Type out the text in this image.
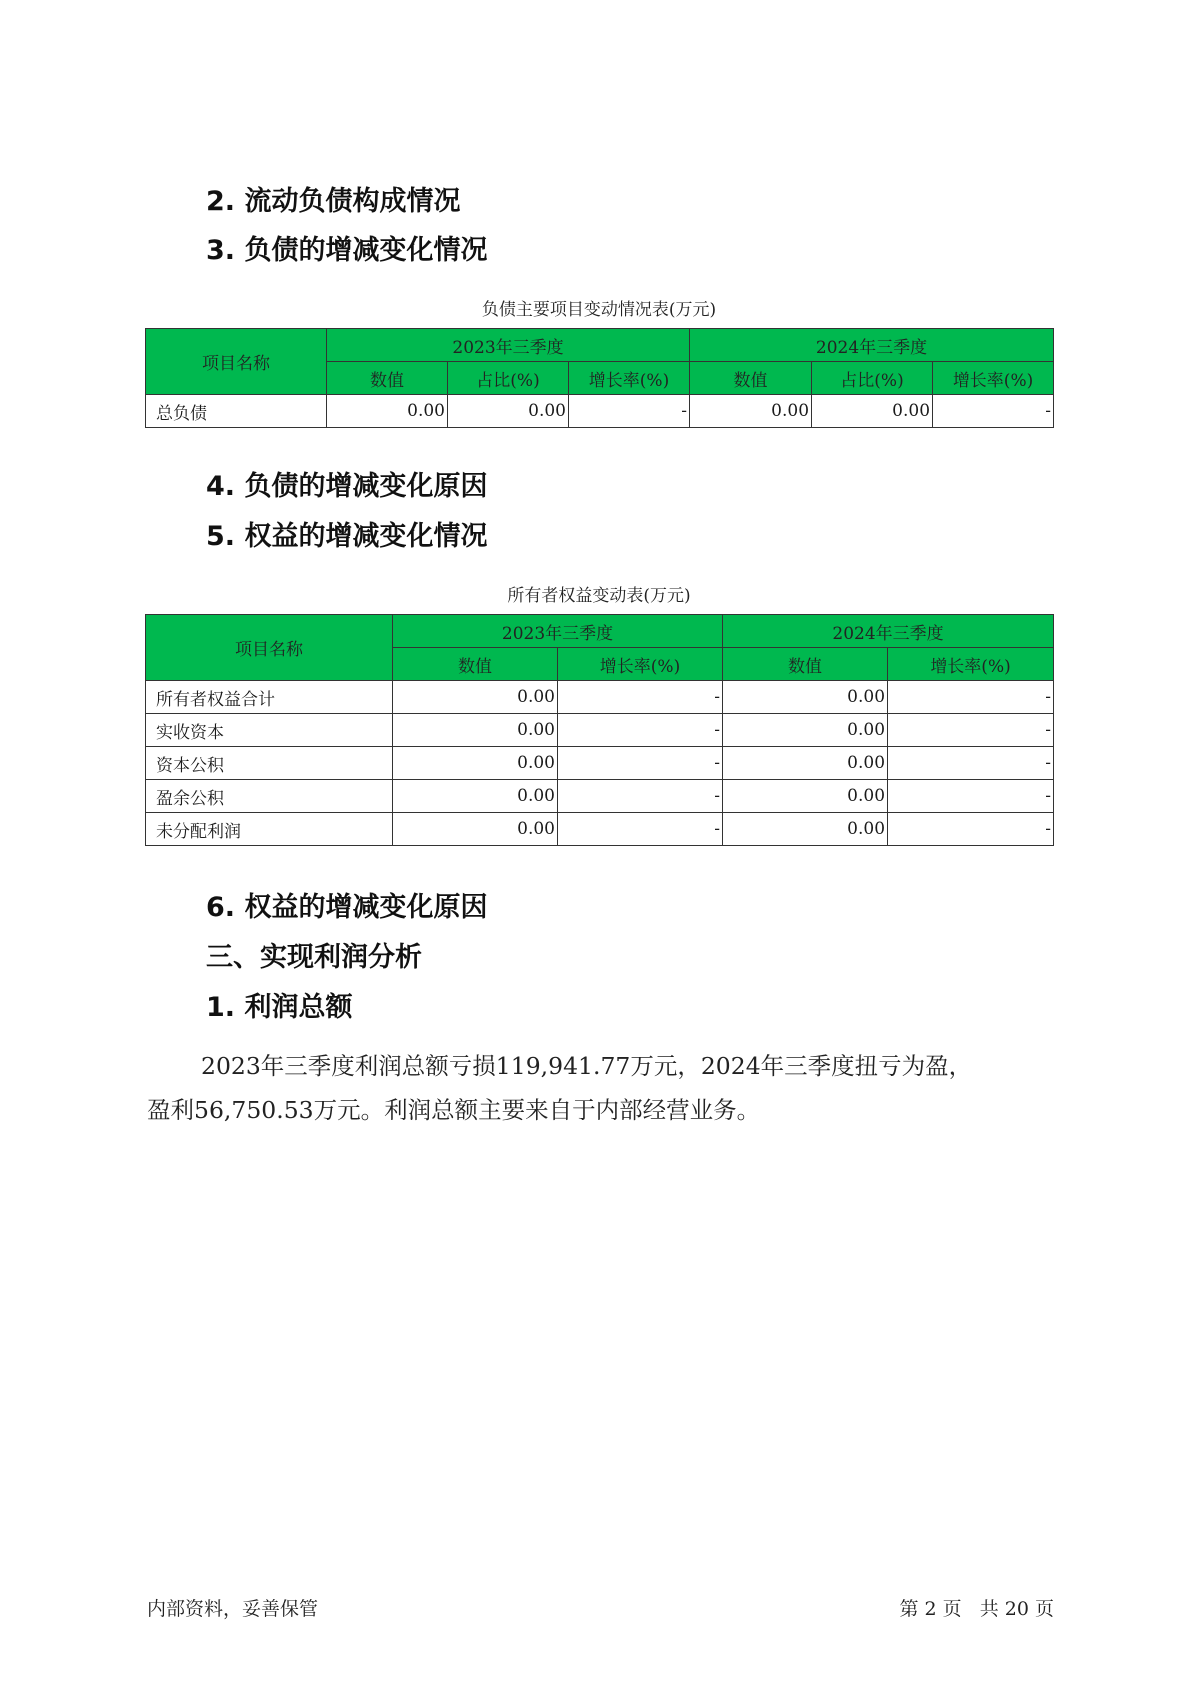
2. 流动负债构成情况
3. 负债的增减变化情况
负债主要项目变动情况表(万元)
项目名称	2023年三季度			2024年三季度		
	数值	占比(%)	增长率(%)	数值	占比(%)	增长率(%)
总负债	0.00	0.00	-	0.00	0.00	-
4. 负债的增减变化原因
5. 权益的增减变化情况
所有者权益变动表(万元)
项目名称	2023年三季度		2024年三季度	
	数值	增长率(%)	数值	增长率(%)
所有者权益合计	0.00	-	0.00	-
实收资本	0.00	-	0.00	-
资本公积	0.00	-	0.00	-
盈余公积	0.00	-	0.00	-
未分配利润	0.00	-	0.00	-
6. 权益的增减变化原因
三、实现利润分析
1. 利润总额

2023年三季度利润总额亏损119,941.77万元，2024年三季度扭亏为盈，

盈利56,750.53万元。利润总额主要来自于内部经营业务。

内部资料，妥善保管	第 2 页   共 20 页
